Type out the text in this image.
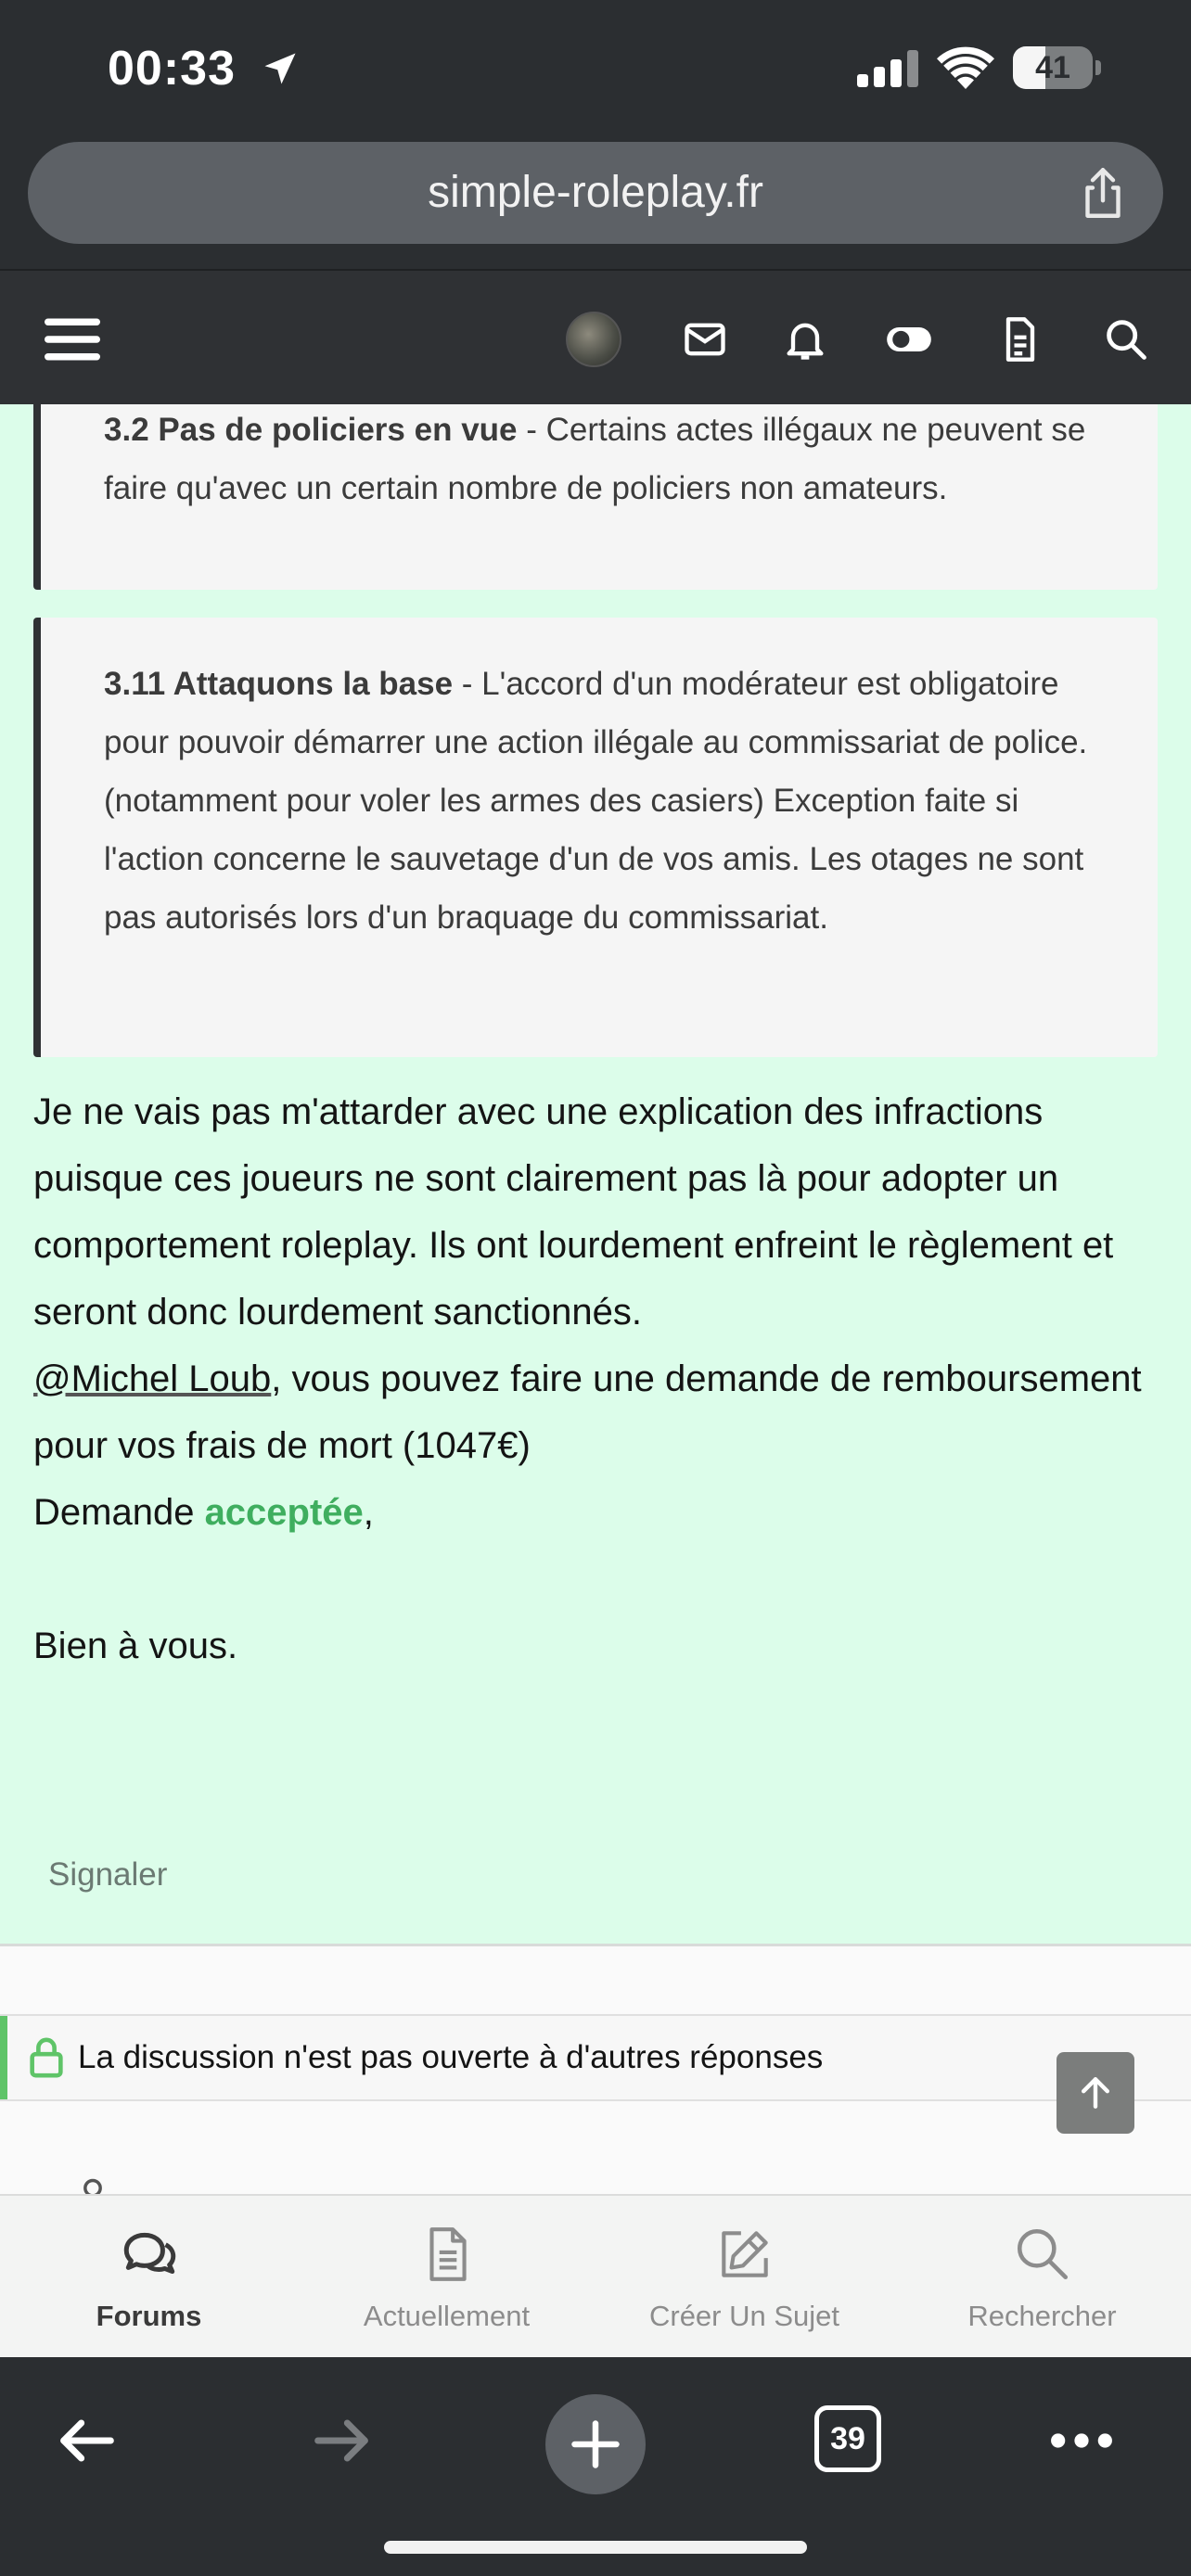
00:33	41
simple-roleplay.fr
3.2 Pas de policiers en vue - Certains actes illégaux ne peuvent se faire qu'avec un certain nombre de policiers non amateurs.
3.11 Attaquons la base - L'accord d'un modérateur est obligatoire pour pouvoir démarrer une action illégale au commissariat de police. (notamment pour voler les armes des casiers) Exception faite si l'action concerne le sauvetage d'un de vos amis. Les otages ne sont pas autorisés lors d'un braquage du commissariat.
Je ne vais pas m'attarder avec une explication des infractions puisque ces joueurs ne sont clairement pas là pour adopter un comportement roleplay. Ils ont lourdement enfreint le règlement et seront donc lourdement sanctionnés.
@Michel Loub, vous pouvez faire une demande de remboursement pour vos frais de mort (1047€)
Demande acceptée,
Bien à vous.
Signaler
La discussion n'est pas ouverte à d'autres réponses
Forums	Actuellement	Créer Un Sujet	Rechercher
39
